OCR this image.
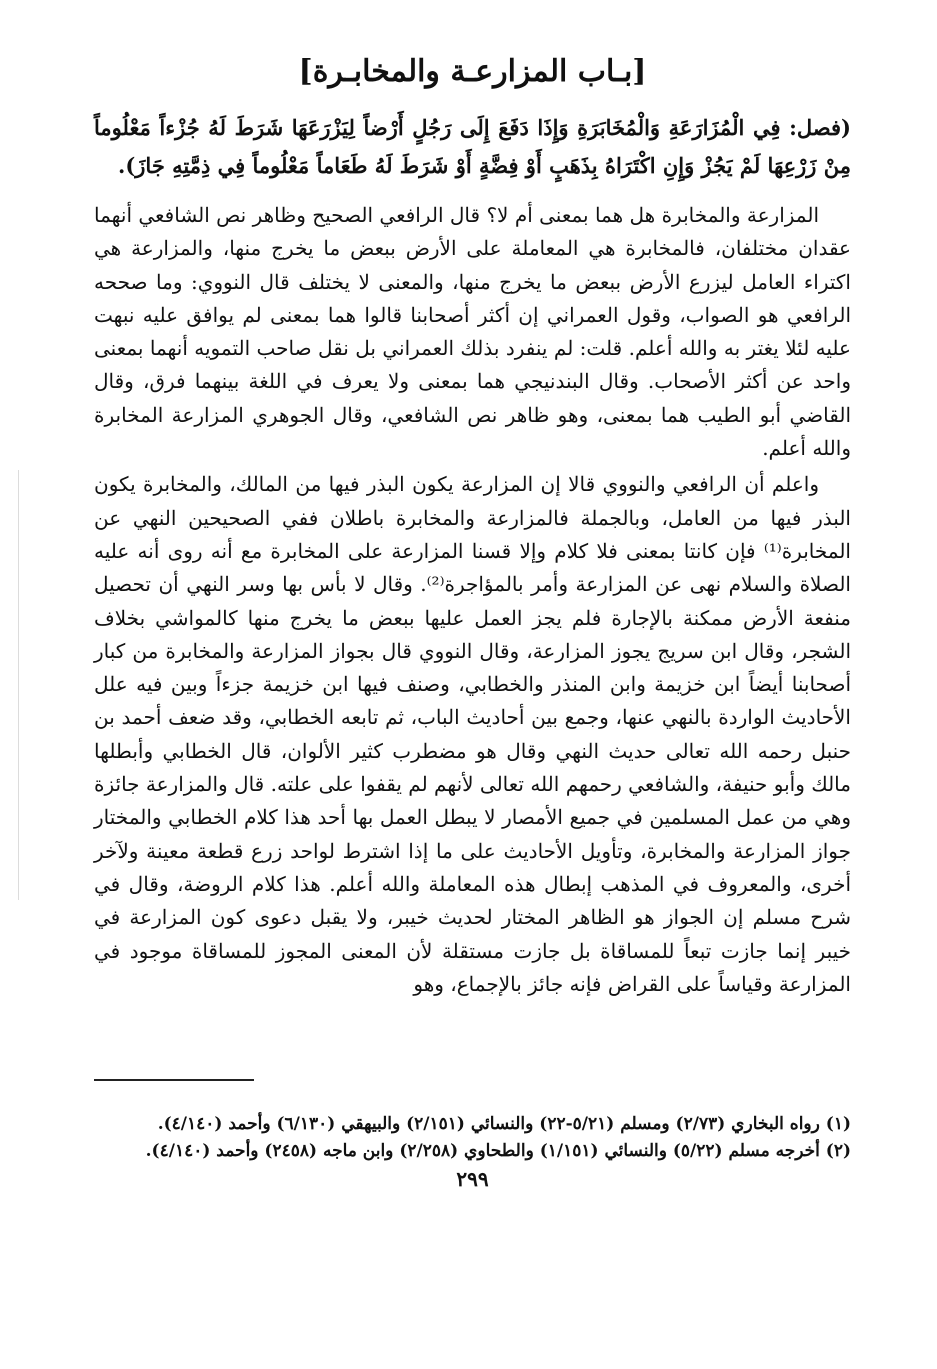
[بـاب المزارعـة والمخابـرة]

(فصل: فِي الْمُزَارَعَةِ وَالْمُخَابَرَةِ وَإِذَا دَفَعَ إِلَى رَجُلٍ أَرْضاً لِيَزْرَعَهَا شَرَطَ لَهُ جُزْءاً مَعْلُوماً مِنْ زَرْعِهَا لَمْ يَجُزْ وَإِنِ اكْتَرَاهُ بِذَهَبٍ أَوْ فِضَّةٍ أَوْ شَرَطَ لَهُ طَعَاماً مَعْلُوماً فِي ذِمَّتِهِ جَازَ).

المزارعة والمخابرة هل هما بمعنى أم لا؟ قال الرافعي الصحيح وظاهر نص الشافعي أنهما عقدان مختلفان، فالمخابرة هي المعاملة على الأرض ببعض ما يخرج منها، والمزارعة هي اكتراء العامل ليزرع الأرض ببعض ما يخرج منها، والمعنى لا يختلف قال النووي: وما صححه الرافعي هو الصواب، وقول العمراني إن أكثر أصحابنا قالوا هما بمعنى لم يوافق عليه نبهت عليه لئلا يغتر به والله أعلم. قلت: لم ينفرد بذلك العمراني بل نقل صاحب التمويه أنهما بمعنى واحد عن أكثر الأصحاب. وقال البندنيجي هما بمعنى ولا يعرف في اللغة بينهما فرق، وقال القاضي أبو الطيب هما بمعنى، وهو ظاهر نص الشافعي، وقال الجوهري المزارعة المخابرة والله أعلم.

واعلم أن الرافعي والنووي قالا إن المزارعة يكون البذر فيها من المالك، والمخابرة يكون البذر فيها من العامل، وبالجملة فالمزارعة والمخابرة باطلان ففي الصحيحين النهي عن المخابرة⁽¹⁾ فإن كانتا بمعنى فلا كلام وإلا قسنا المزارعة على المخابرة مع أنه روى أنه عليه الصلاة والسلام نهى عن المزارعة وأمر بالمؤاجرة⁽²⁾. وقال لا بأس بها وسر النهي أن تحصيل منفعة الأرض ممكنة بالإجارة فلم يجز العمل عليها ببعض ما يخرج منها كالمواشي بخلاف الشجر، وقال ابن سريج يجوز المزارعة، وقال النووي قال بجواز المزارعة والمخابرة من كبار أصحابنا أيضاً ابن خزيمة وابن المنذر والخطابي، وصنف فيها ابن خزيمة جزءاً وبين فيه علل الأحاديث الواردة بالنهي عنها، وجمع بين أحاديث الباب، ثم تابعه الخطابي، وقد ضعف أحمد بن حنبل رحمه الله تعالى حديث النهي وقال هو مضطرب كثير الألوان، قال الخطابي وأبطلها مالك وأبو حنيفة، والشافعي رحمهم الله تعالى لأنهم لم يقفوا على علته. قال والمزارعة جائزة وهي من عمل المسلمين في جميع الأمصار لا يبطل العمل بها أحد هذا كلام الخطابي والمختار جواز المزارعة والمخابرة، وتأويل الأحاديث على ما إذا اشترط لواحد زرع قطعة معينة ولآخر أخرى، والمعروف في المذهب إبطال هذه المعاملة والله أعلم. هذا كلام الروضة، وقال في شرح مسلم إن الجواز هو الظاهر المختار لحديث خيبر، ولا يقبل دعوى كون المزارعة في خيبر إنما جازت تبعاً للمساقاة بل جازت مستقلة لأن المعنى المجوز للمساقاة موجود في المزارعة وقياساً على القراض فإنه جائز بالإجماع، وهو

(١) رواه البخاري (٢/٧٣) ومسلم (٥/٢١-٢٢) والنسائي (٢/١٥١) والبيهقي (٦/١٣٠) وأحمد (٤/١٤٠).

(٢) أخرجه مسلم (٥/٢٢) والنسائي (١/١٥١) والطحاوي (٢/٢٥٨) وابن ماجه (٢٤٥٨) وأحمد (٤/١٤٠).

٢٩٩
